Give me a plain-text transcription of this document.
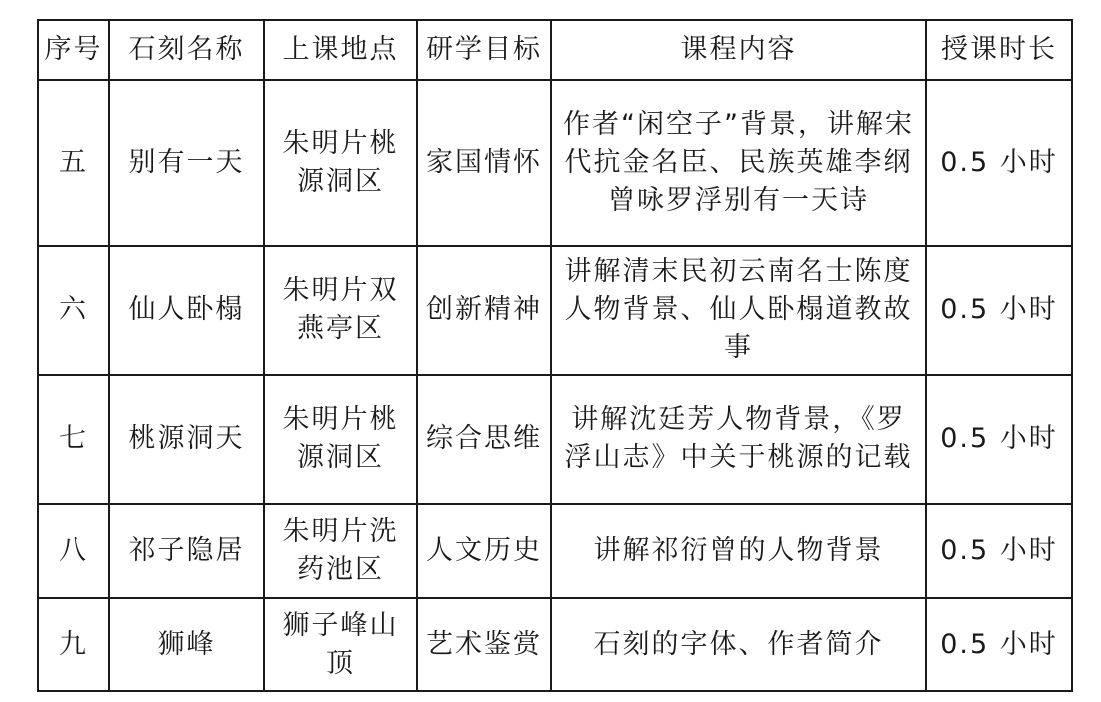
序号	石刻名称	上课地点	研学目标	课程内容	授课时长
五	别有一天	朱明片桃源洞区	家国情怀	作者“闲空子”背景，讲解宋代抗金名臣、民族英雄李纲曾咏罗浮别有一天诗	0.5 小时
六	仙人卧榻	朱明片双燕亭区	创新精神	讲解清末民初云南名士陈度人物背景、仙人卧榻道教故事	0.5 小时
七	桃源洞天	朱明片桃源洞区	综合思维	讲解沈廷芳人物背景，《罗浮山志》中关于桃源的记载	0.5 小时
八	祁子隐居	朱明片洗药池区	人文历史	讲解祁衍曾的人物背景	0.5 小时
九	狮峰	狮子峰山顶	艺术鉴赏	石刻的字体、作者简介	0.5 小时
